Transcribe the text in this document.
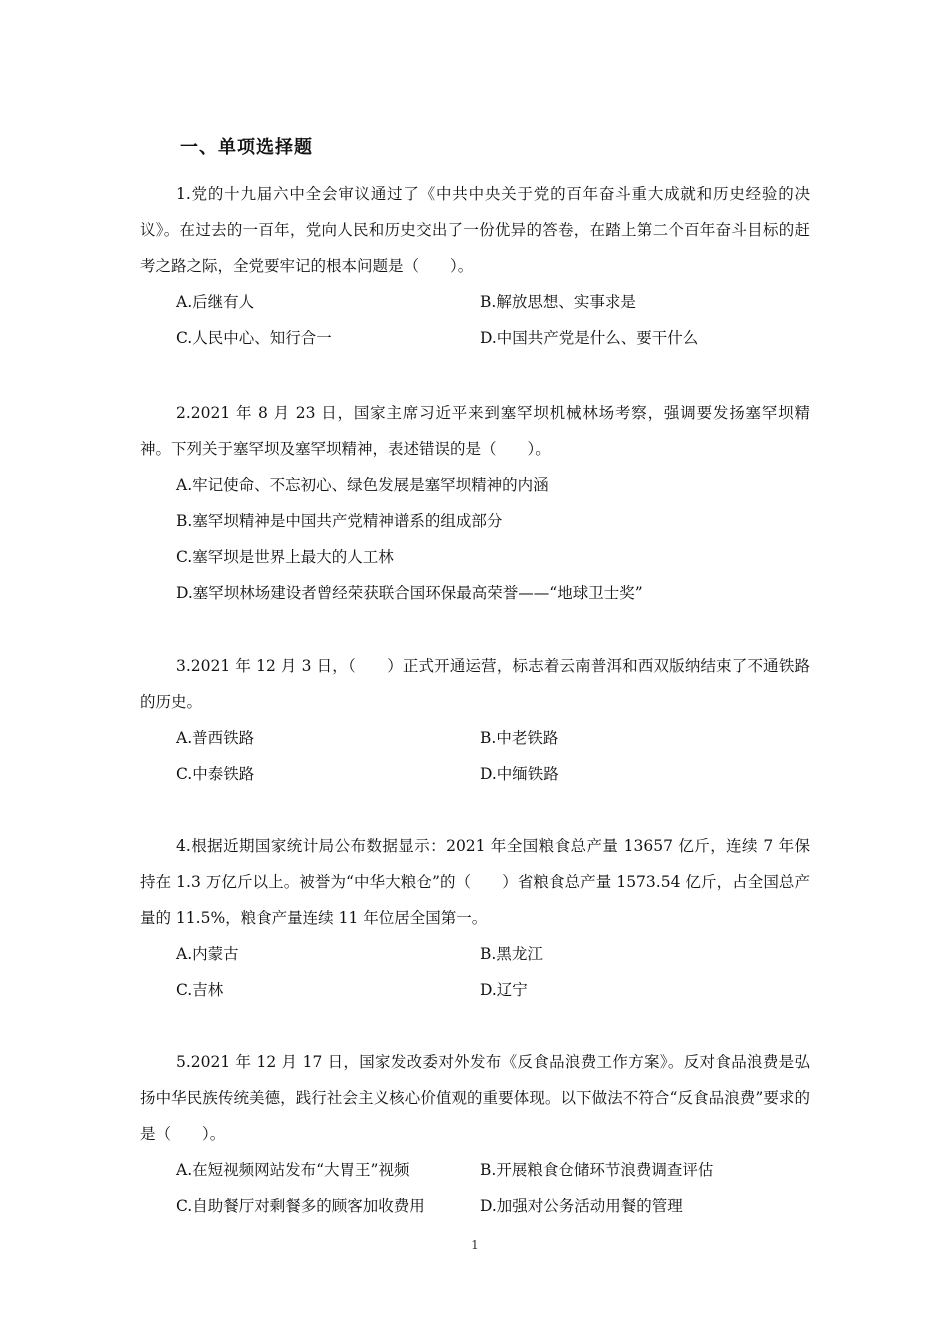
一、单项选择题

1.党的十九届六中全会审议通过了《中共中央关于党的百年奋斗重大成就和历史经验的决议》。在过去的一百年，党向人民和历史交出了一份优异的答卷，在踏上第二个百年奋斗目标的赶考之路之际，全党要牢记的根本问题是（　　）。

A.后继有人	B.解放思想、实事求是
C.人民中心、知行合一	D.中国共产党是什么、要干什么

2.2021 年 8 月 23 日，国家主席习近平来到塞罕坝机械林场考察，强调要发扬塞罕坝精神。下列关于塞罕坝及塞罕坝精神，表述错误的是（　　）。

A.牢记使命、不忘初心、绿色发展是塞罕坝精神的内涵
B.塞罕坝精神是中国共产党精神谱系的组成部分
C.塞罕坝是世界上最大的人工林
D.塞罕坝林场建设者曾经荣获联合国环保最高荣誉——“地球卫士奖”

3.2021 年 12 月 3 日，（　　）正式开通运营，标志着云南普洱和西双版纳结束了不通铁路的历史。

A.普西铁路	B.中老铁路
C.中泰铁路	D.中缅铁路

4.根据近期国家统计局公布数据显示：2021 年全国粮食总产量 13657 亿斤，连续 7 年保持在 1.3 万亿斤以上。被誉为“中华大粮仓”的（　　）省粮食总产量 1573.54 亿斤，占全国总产量的 11.5%，粮食产量连续 11 年位居全国第一。

A.内蒙古	B.黑龙江
C.吉林	D.辽宁

5.2021 年 12 月 17 日，国家发改委对外发布《反食品浪费工作方案》。反对食品浪费是弘扬中华民族传统美德，践行社会主义核心价值观的重要体现。以下做法不符合“反食品浪费”要求的是（　　）。

A.在短视频网站发布“大胃王”视频	B.开展粮食仓储环节浪费调查评估
C.自助餐厅对剩餐多的顾客加收费用	D.加强对公务活动用餐的管理
1
